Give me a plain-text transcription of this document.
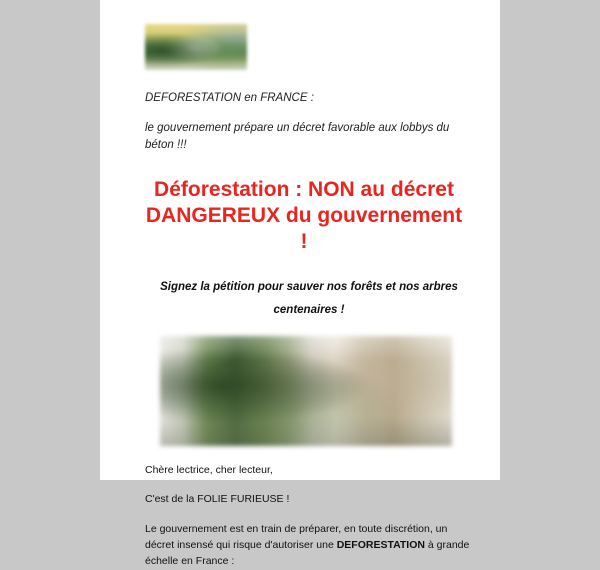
DEFORESTATION en FRANCE :
le gouvernement prépare un décret favorable aux lobbys du béton !!!
Déforestation : NON au décret DANGEREUX du gouvernement !
Signez la pétition pour sauver nos forêts et nos arbres centenaires !
Chère lectrice, cher lecteur,
C'est de la FOLIE FURIEUSE !
Le gouvernement est en train de préparer, en toute discrétion, un décret insensé qui risque d'autoriser une DEFORESTATION à grande échelle en France :
